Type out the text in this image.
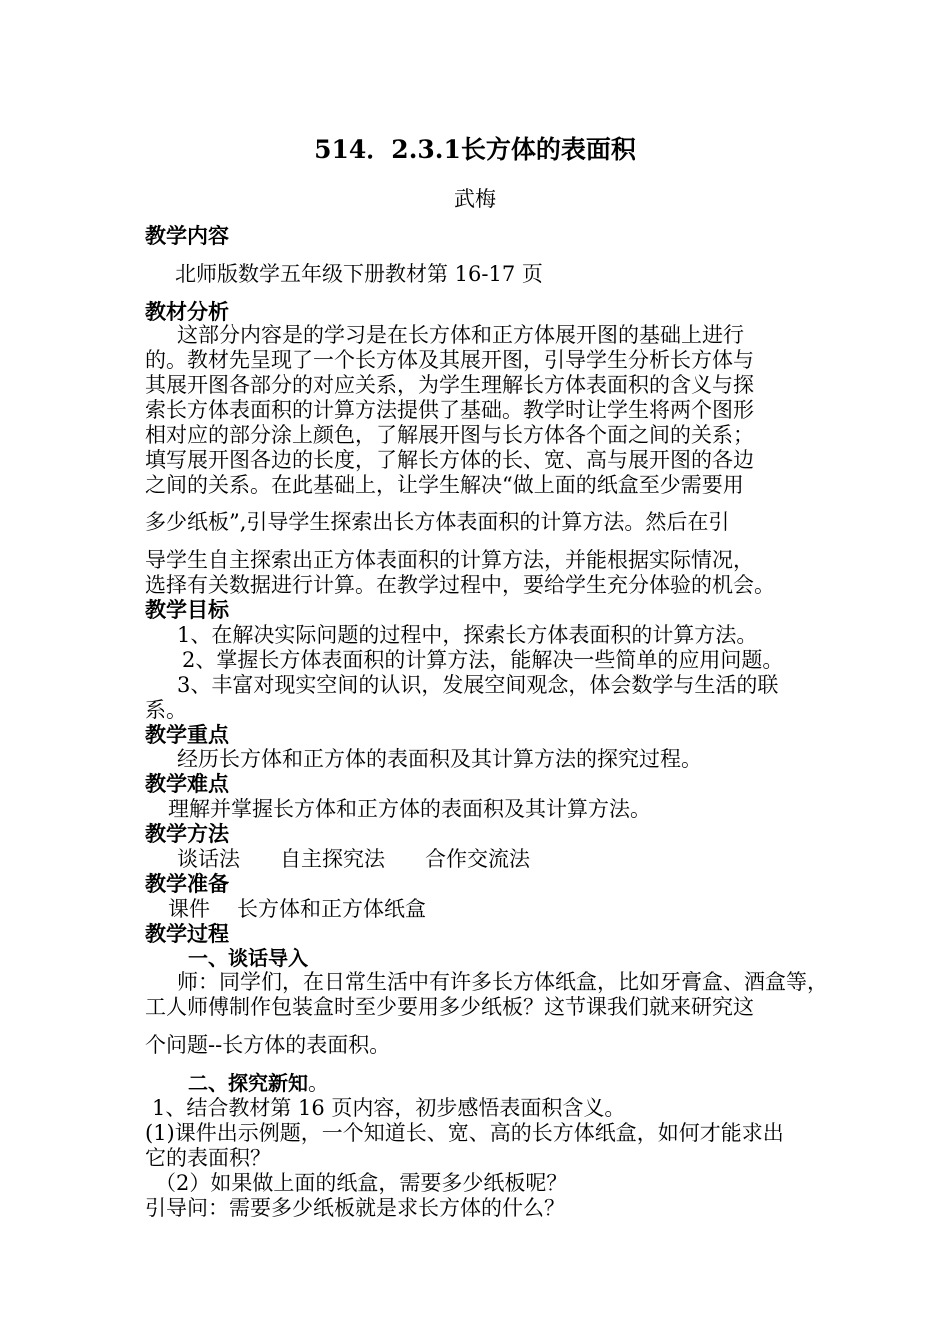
514．2.3.1长方体的表面积
武梅
教学内容
北师版数学五年级下册教材第 16-17 页
教材分析
这部分内容是的学习是在长方体和正方体展开图的基础上进行
的。教材先呈现了一个长方体及其展开图，引导学生分析长方体与
其展开图各部分的对应关系，为学生理解长方体表面积的含义与探
索长方体表面积的计算方法提供了基础。教学时让学生将两个图形
相对应的部分涂上颜色，了解展开图与长方体各个面之间的关系；
填写展开图各边的长度，了解长方体的长、宽、高与展开图的各边
之间的关系。在此基础上，让学生解决“做上面的纸盒至少需要用
多少纸板”,引导学生探索出长方体表面积的计算方法。然后在引
导学生自主探索出正方体表面积的计算方法，并能根据实际情况，
选择有关数据进行计算。在教学过程中，要给学生充分体验的机会。
教学目标
1、在解决实际问题的过程中，探索长方体表面积的计算方法。
2、掌握长方体表面积的计算方法，能解决一些简单的应用问题。
3、丰富对现实空间的认识，发展空间观念，体会数学与生活的联
系。
教学重点
经历长方体和正方体的表面积及其计算方法的探究过程。
教学难点
理解并掌握长方体和正方体的表面积及其计算方法。
教学方法
谈话法 自主探究法 合作交流法
教学准备
课件 长方体和正方体纸盒
教学过程
一、谈话导入
师：同学们，在日常生活中有许多长方体纸盒，比如牙膏盒、酒盒等，
工人师傅制作包装盒时至少要用多少纸板？这节课我们就来研究这
个问题--长方体的表面积。
二、探究新知。
1、结合教材第 16 页内容，初步感悟表面积含义。
(1)课件出示例题，一个知道长、宽、高的长方体纸盒，如何才能求出
它的表面积？
（2）如果做上面的纸盒，需要多少纸板呢？
引导问：需要多少纸板就是求长方体的什么？
